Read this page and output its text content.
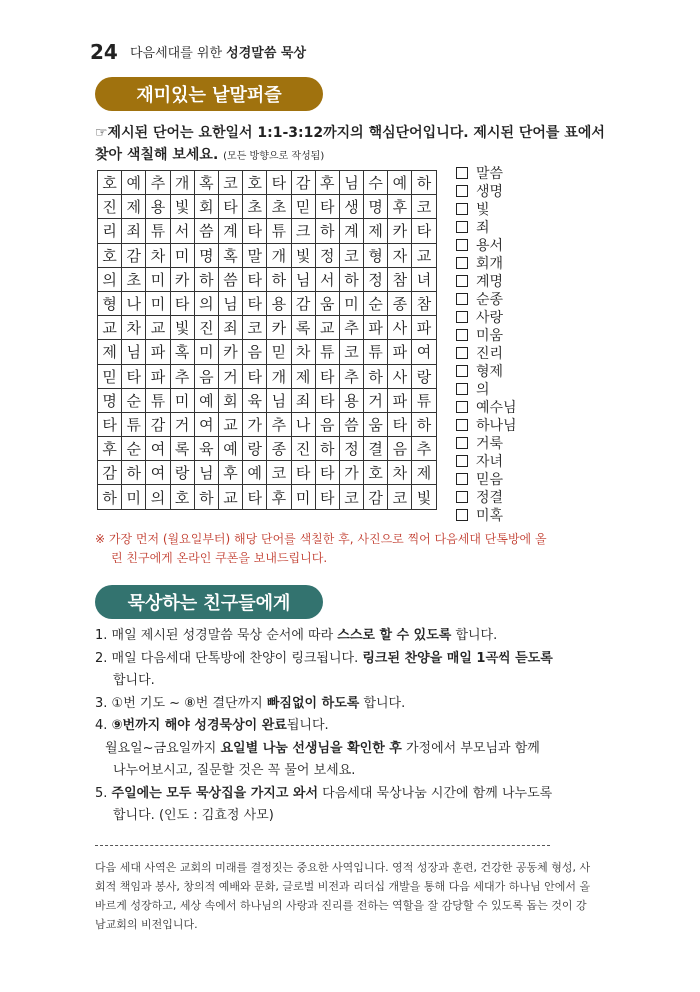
24 다음세대를 위한 성경말씀 묵상
재미있는 낱말퍼즐
☞제시된 단어는 요한일서 1:1-3:12까지의 핵심단어입니다. 제시된 단어를 표에서 찾아 색칠해 보세요. (모든 방향으로 작성됨)
호	예	추	개	혹	코	호	타	감	후	님	수	예	하
진	제	용	빛	회	타	초	초	믿	타	생	명	후	코
리	죄	튜	서	씀	계	타	튜	크	하	계	제	카	타
호	감	차	미	명	혹	말	개	빛	정	코	형	자	교
의	초	미	카	하	씀	타	하	님	서	하	정	참	녀
형	나	미	타	의	님	타	용	감	움	미	순	종	참
교	차	교	빛	진	죄	코	카	록	교	추	파	사	파
제	님	파	혹	미	카	음	믿	차	튜	코	튜	파	여
믿	타	파	추	음	거	타	개	제	타	추	하	사	랑
명	순	튜	미	예	회	육	님	죄	타	용	거	파	튜
타	튜	감	거	여	교	가	추	나	음	씀	움	타	하
후	순	여	록	육	예	랑	종	진	하	정	결	음	추
감	하	여	랑	님	후	예	코	타	타	가	호	차	제
하	미	의	호	하	교	타	후	미	타	코	감	코	빛
말씀
생명
빛
죄
용서
회개
계명
순종
사랑
미움
진리
형제
의
예수님
하나님
거룩
자녀
믿음
정결
미혹
※ 가장 먼저 (월요일부터) 해당 단어를 색칠한 후, 사진으로 찍어 다음세대 단톡방에 올
린 친구에게 온라인 쿠폰을 보내드립니다.
묵상하는 친구들에게
1. 매일 제시된 성경말씀 묵상 순서에 따라 스스로 할 수 있도록 합니다.
2. 매일 다음세대 단톡방에 찬양이 링크됩니다. 링크된 찬양을 매일 1곡씩 듣도록
합니다.
3. ①번 기도 ~ ⑧번 결단까지 빠짐없이 하도록 합니다.
4. ⑨번까지 해야 성경묵상이 완료됩니다.
월요일~금요일까지 요일별 나눔 선생님을 확인한 후 가정에서 부모님과 함께
나누어보시고, 질문할 것은 꼭 물어 보세요.
5. 주일에는 모두 묵상집을 가지고 와서 다음세대 묵상나눔 시간에 함께 나누도록
합니다. (인도 : 김효정 사모)
다음 세대 사역은 교회의 미래를 결정짓는 중요한 사역입니다. 영적 성장과 훈련, 건강한 공동체 형성, 사회적 책임과 봉사, 창의적 예배와 문화, 글로벌 비전과 리더십 개발을 통해 다음 세대가 하나님 안에서 올바르게 성장하고, 세상 속에서 하나님의 사랑과 진리를 전하는 역할을 잘 감당할 수 있도록 돕는 것이 강남교회의 비전입니다.
